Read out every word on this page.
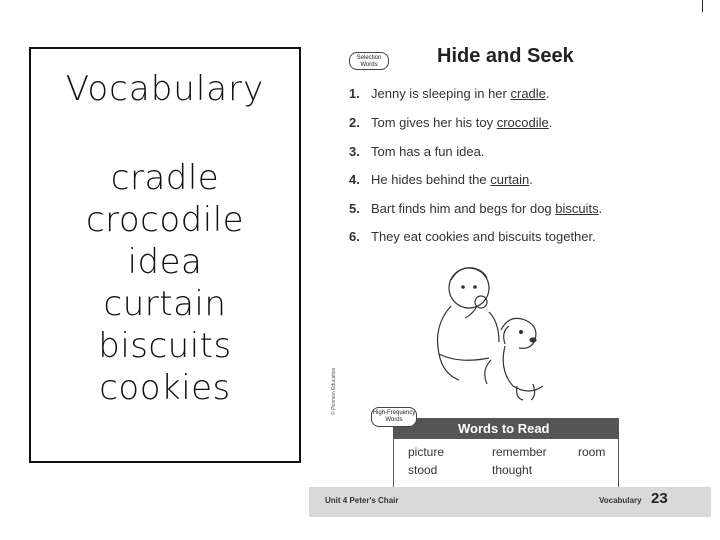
Vocabulary
cradle
crocodile
idea
curtain
biscuits
cookies
Selection
Words	Hide and Seek
1. Jenny is sleeping in her cradle.
2. Tom gives her his toy crocodile.
3. Tom has a fun idea.
4. He hides behind the curtain.
5. Bart finds him and begs for dog biscuits.
6. They eat cookies and biscuits together.
© Pearson Education	High-Frequency
Words
Words to Read
picture	remember	room
stood	thought
Unit 4 Peter's Chair	Vocabulary 23
